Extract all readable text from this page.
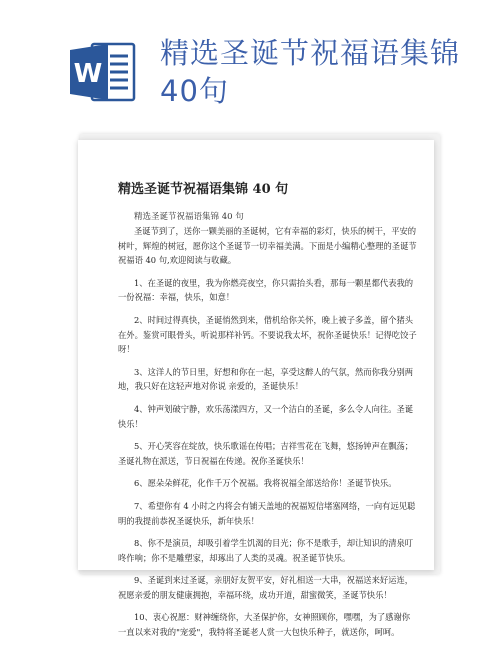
W
精选圣诞节祝福语集锦
40句
精选圣诞节祝福语集锦 40 句
精选圣诞节祝福语集锦 40 句

圣诞节到了，送你一颗美丽的圣诞树，它有幸福的彩灯，快乐的树干，平安的树叶，辉煌的树冠，愿你这个圣诞节一切幸福美满。下面是小编精心整理的圣诞节祝福语 40 句,欢迎阅读与收藏。

1、在圣诞的夜里，我为你燃亮夜空，你只需抬头看，那每一颗星都代表我的一份祝福：幸福，快乐，如意！

2、时间过得真快，圣诞悄然到来，借机给你关怀，晚上被子多盖，留个猪头在外。鉴赏可眼骨头，听说那样补钙。不要说我太坏，祝你圣诞快乐！记得吃饺子呀！

3、这洋人的节日里，好想和你在一起，享受这醉人的气氛，然而你我分别两地，我只好在这轻声地对你说 亲爱的，圣诞快乐！

4、钟声划破宁静，欢乐荡漾四方，又一个洁白的圣诞，多么令人向往。圣诞快乐！

5、开心笑容在绽放，快乐歌谣在传唱；吉祥雪花在飞舞，悠扬钟声在飘荡；圣诞礼物在派送，节日祝福在传递。祝你圣诞快乐！

6、愿朵朵鲜花，化作千万个祝福。我将祝福全部送给你！圣诞节快乐。

7、希望你有 4 小时之内将会有铺天盖地的祝福短信堵塞网络，一向有远见聪明的我提前恭祝圣诞快乐，新年快乐！

8、你不是演员，却吸引着学生饥渴的目光；你不是歌手，却让知识的清泉叮咚作响；你不是雕塑家，却琢出了人类的灵魂。祝圣诞节快乐。

9、圣诞到来过圣诞，亲朋好友贺平安，好礼相送一大串，祝福送来好运连，祝愿亲爱的朋友健康拥抱，幸福环绕，成功开道，甜蜜微笑，圣诞节快乐！

10、衷心祝愿：财神缠绕你，大圣保护你，女神照顾你，嘿嘿，为了感谢你一直以来对我的"宠爱"，我特将圣诞老人赏一大包快乐种子，就送你，呵呵。
